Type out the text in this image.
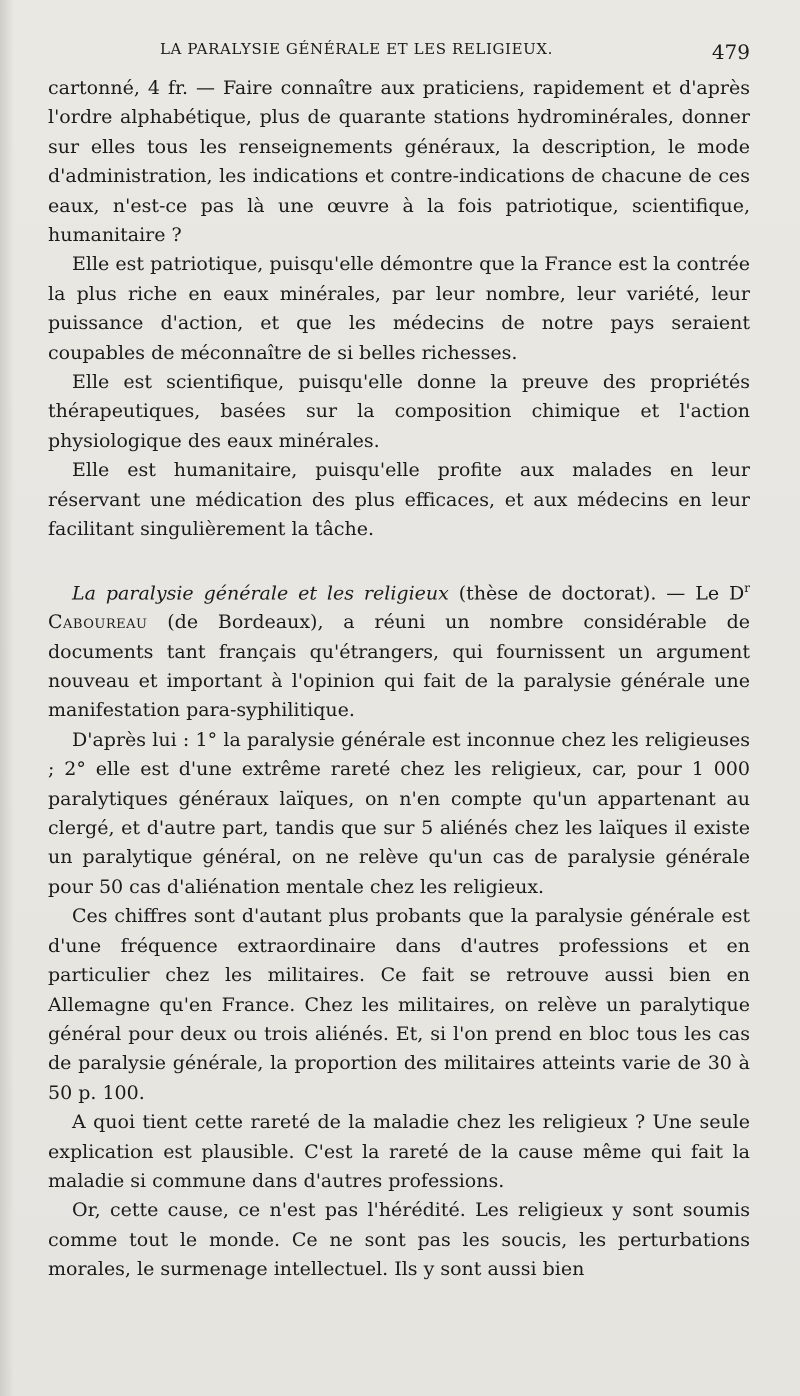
LA PARALYSIE GÉNÉRALE ET LES RELIGIEUX.	479

cartonné, 4 fr. — Faire connaître aux praticiens, rapidement et d'après l'ordre alphabétique, plus de quarante stations hydrominérales, donner sur elles tous les renseignements généraux, la description, le mode d'administration, les indications et contre-indications de chacune de ces eaux, n'est-ce pas là une œuvre à la fois patriotique, scientifique, humanitaire ?

Elle est patriotique, puisqu'elle démontre que la France est la contrée la plus riche en eaux minérales, par leur nombre, leur variété, leur puissance d'action, et que les médecins de notre pays seraient coupables de méconnaître de si belles richesses.

Elle est scientifique, puisqu'elle donne la preuve des propriétés thérapeutiques, basées sur la composition chimique et l'action physiologique des eaux minérales.

Elle est humanitaire, puisqu'elle profite aux malades en leur réservant une médication des plus efficaces, et aux médecins en leur facilitant singulièrement la tâche.

La paralysie générale et les religieux (thèse de doctorat). — Le $D^r$ Caboureau (de Bordeaux), a réuni un nombre considérable de documents tant français qu'étrangers, qui fournissent un argument nouveau et important à l'opinion qui fait de la paralysie générale une manifestation para-syphilitique.

D'après lui : 1° la paralysie générale est inconnue chez les religieuses ; 2° elle est d'une extrême rareté chez les religieux, car, pour 1 000 paralytiques généraux laïques, on n'en compte qu'un appartenant au clergé, et d'autre part, tandis que sur 5 aliénés chez les laïques il existe un paralytique général, on ne relève qu'un cas de paralysie générale pour 50 cas d'aliénation mentale chez les religieux.

Ces chiffres sont d'autant plus probants que la paralysie générale est d'une fréquence extraordinaire dans d'autres professions et en particulier chez les militaires. Ce fait se retrouve aussi bien en Allemagne qu'en France. Chez les militaires, on relève un paralytique général pour deux ou trois aliénés. Et, si l'on prend en bloc tous les cas de paralysie générale, la proportion des militaires atteints varie de 30 à 50 p. 100.

A quoi tient cette rareté de la maladie chez les religieux ? Une seule explication est plausible. C'est la rareté de la cause même qui fait la maladie si commune dans d'autres professions.

Or, cette cause, ce n'est pas l'hérédité. Les religieux y sont soumis comme tout le monde. Ce ne sont pas les soucis, les perturbations morales, le surmenage intellectuel. Ils y sont aussi bien
